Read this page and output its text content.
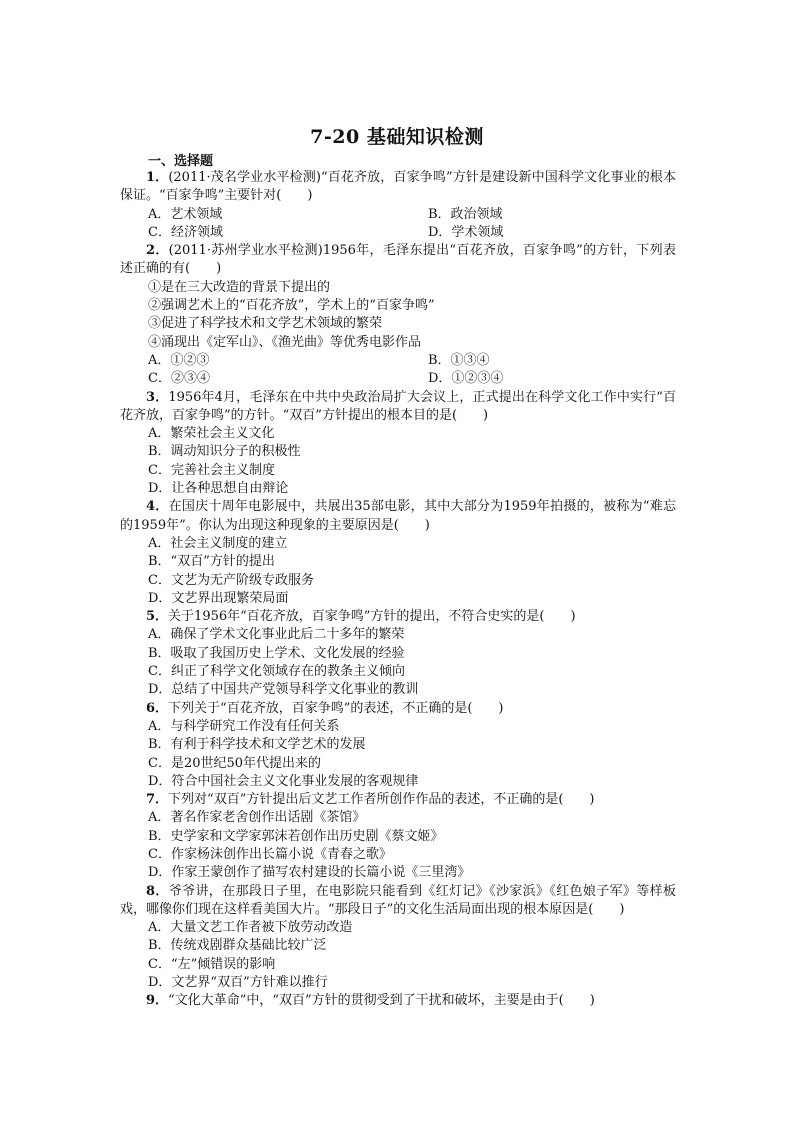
7-20 基础知识检测
一、选择题

1．(2011·茂名学业水平检测)“百花齐放，百家争鸣”方针是建设新中国科学文化事业的根本保证。“百家争鸣”主要针对(　　)

A．艺术领域	B．政治领域
C．经济领域	D．学术领域

2．(2011·苏州学业水平检测)1956年，毛泽东提出“百花齐放，百家争鸣”的方针，下列表述正确的有(　　)

①是在三大改造的背景下提出的
②强调艺术上的“百花齐放”，学术上的“百家争鸣”
③促进了科学技术和文学艺术领域的繁荣
④涌现出《定军山》、《渔光曲》等优秀电影作品
A．①②③	B．①③④
C．②③④	D．①②③④

3．1956年4月，毛泽东在中共中央政治局扩大会议上，正式提出在科学文化工作中实行“百花齐放，百家争鸣”的方针。“双百”方针提出的根本目的是(　　)

A．繁荣社会主义文化
B．调动知识分子的积极性
C．完善社会主义制度
D．让各种思想自由辩论

4．在国庆十周年电影展中，共展出35部电影，其中大部分为1959年拍摄的，被称为“难忘的1959年”。你认为出现这种现象的主要原因是(　　)

A．社会主义制度的建立
B．“双百”方针的提出
C．文艺为无产阶级专政服务
D．文艺界出现繁荣局面

5．关于1956年“百花齐放，百家争鸣”方针的提出，不符合史实的是(　　)

A．确保了学术文化事业此后二十多年的繁荣
B．吸取了我国历史上学术、文化发展的经验
C．纠正了科学文化领域存在的教条主义倾向
D．总结了中国共产党领导科学文化事业的教训

6．下列关于“百花齐放，百家争鸣”的表述，不正确的是(　　)

A．与科学研究工作没有任何关系
B．有利于科学技术和文学艺术的发展
C．是20世纪50年代提出来的
D．符合中国社会主义文化事业发展的客观规律

7．下列对“双百”方针提出后文艺工作者所创作作品的表述，不正确的是(　　)

A．著名作家老舍创作出话剧《茶馆》
B．史学家和文学家郭沫若创作出历史剧《蔡文姬》
C．作家杨沫创作出长篇小说《青春之歌》
D．作家王蒙创作了描写农村建设的长篇小说《三里湾》

8．爷爷讲，在那段日子里，在电影院只能看到《红灯记》《沙家浜》《红色娘子军》等样板戏，哪像你们现在这样看美国大片。“那段日子”的文化生活局面出现的根本原因是(　　)

A．大量文艺工作者被下放劳动改造
B．传统戏剧群众基础比较广泛
C．“左”倾错误的影响
D．文艺界“双百”方针难以推行

9．“文化大革命”中，“双百”方针的贯彻受到了干扰和破坏，主要是由于(　　)
